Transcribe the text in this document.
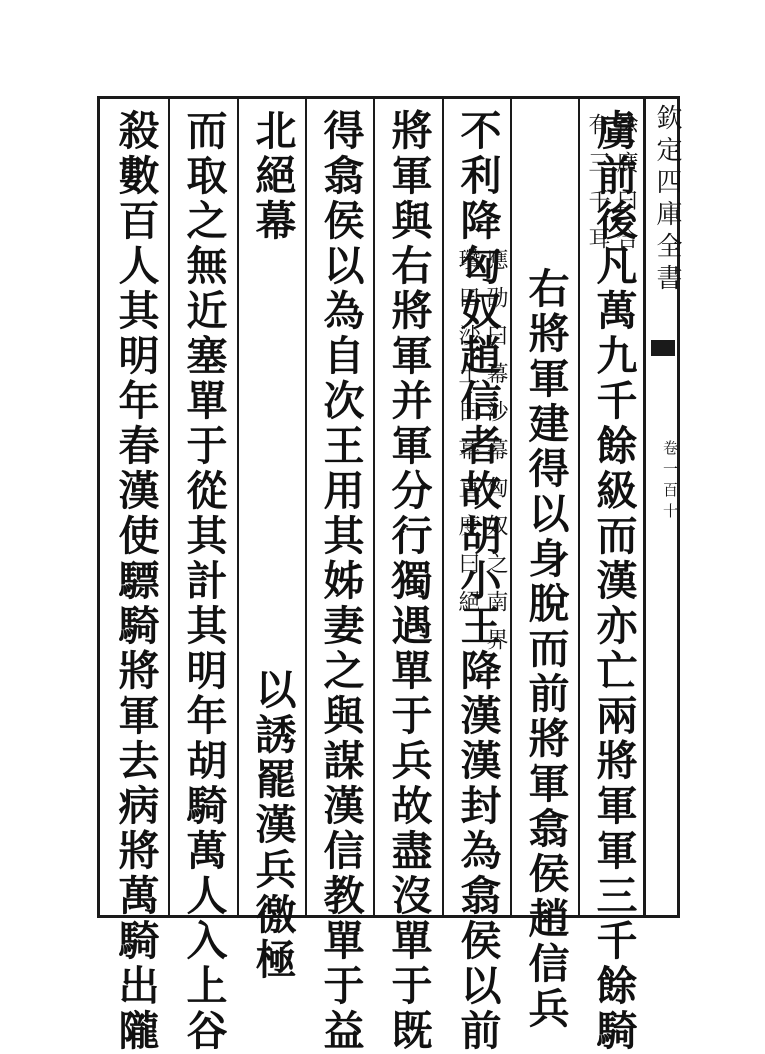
虜前後凡萬九千餘級而漢亦亡兩將軍軍三千餘騎
徐廣曰合
有三千耳
右將軍建得以身脫而前將軍翕侯趙信兵
不利降匈奴趙信者故胡小王降漢漢封為翕侯以前
將軍與右將軍并軍分行獨遇單于兵故盡沒單于既
得翕侯以為自次王用其姊妻之與謀漢信教單于益
北絕幕
應劭曰幕沙幕匈奴之南界
瓚曰沙土曰幕直度曰絕
以誘罷漢兵徼極
而取之無近塞單于從其計其明年胡騎萬人入上谷
殺數百人其明年春漢使驃騎將軍去病將萬騎出隴	欽定四庫全書
卷一百十
